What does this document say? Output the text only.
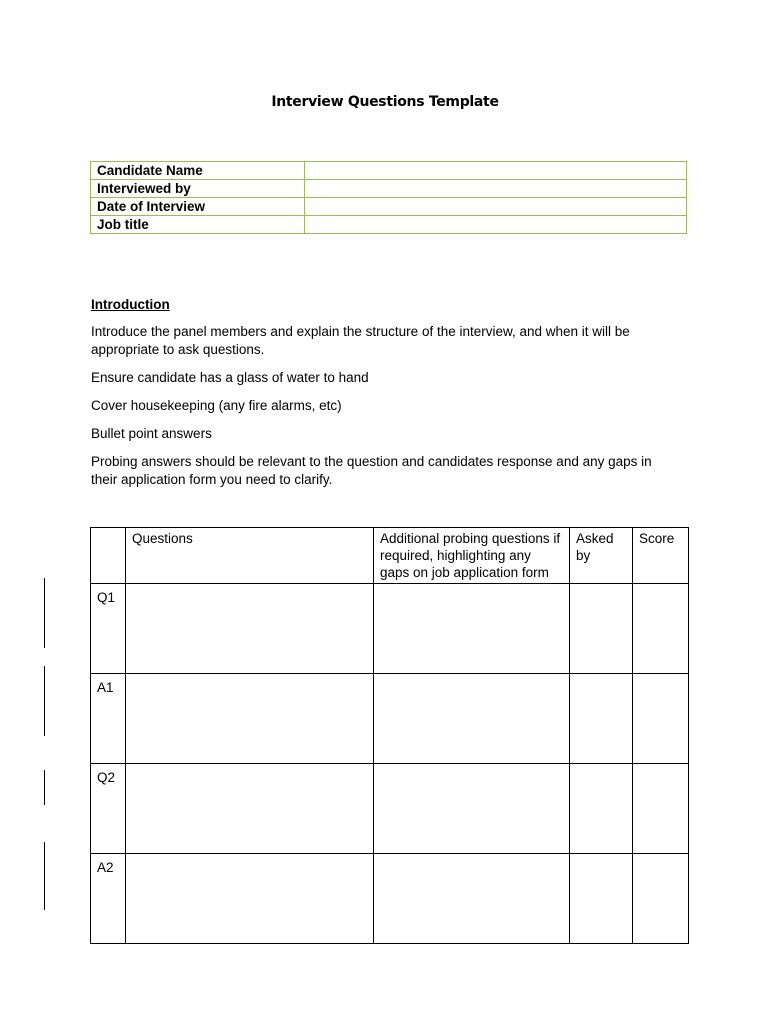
Interview Questions Template
Candidate Name	
Interviewed by	
Date of Interview	
Job title	
Introduction

Introduce the panel members and explain the structure of the interview, and when it will be appropriate to ask questions.

Ensure candidate has a glass of water to hand

Cover housekeeping (any fire alarms, etc)

Bullet point answers

Probing answers should be relevant to the question and candidates response and any gaps in their application form you need to clarify.

	Questions	Additional probing questions if required, highlighting any gaps on job application form	Asked by	Score
Q1				
A1				
Q2				
A2				
